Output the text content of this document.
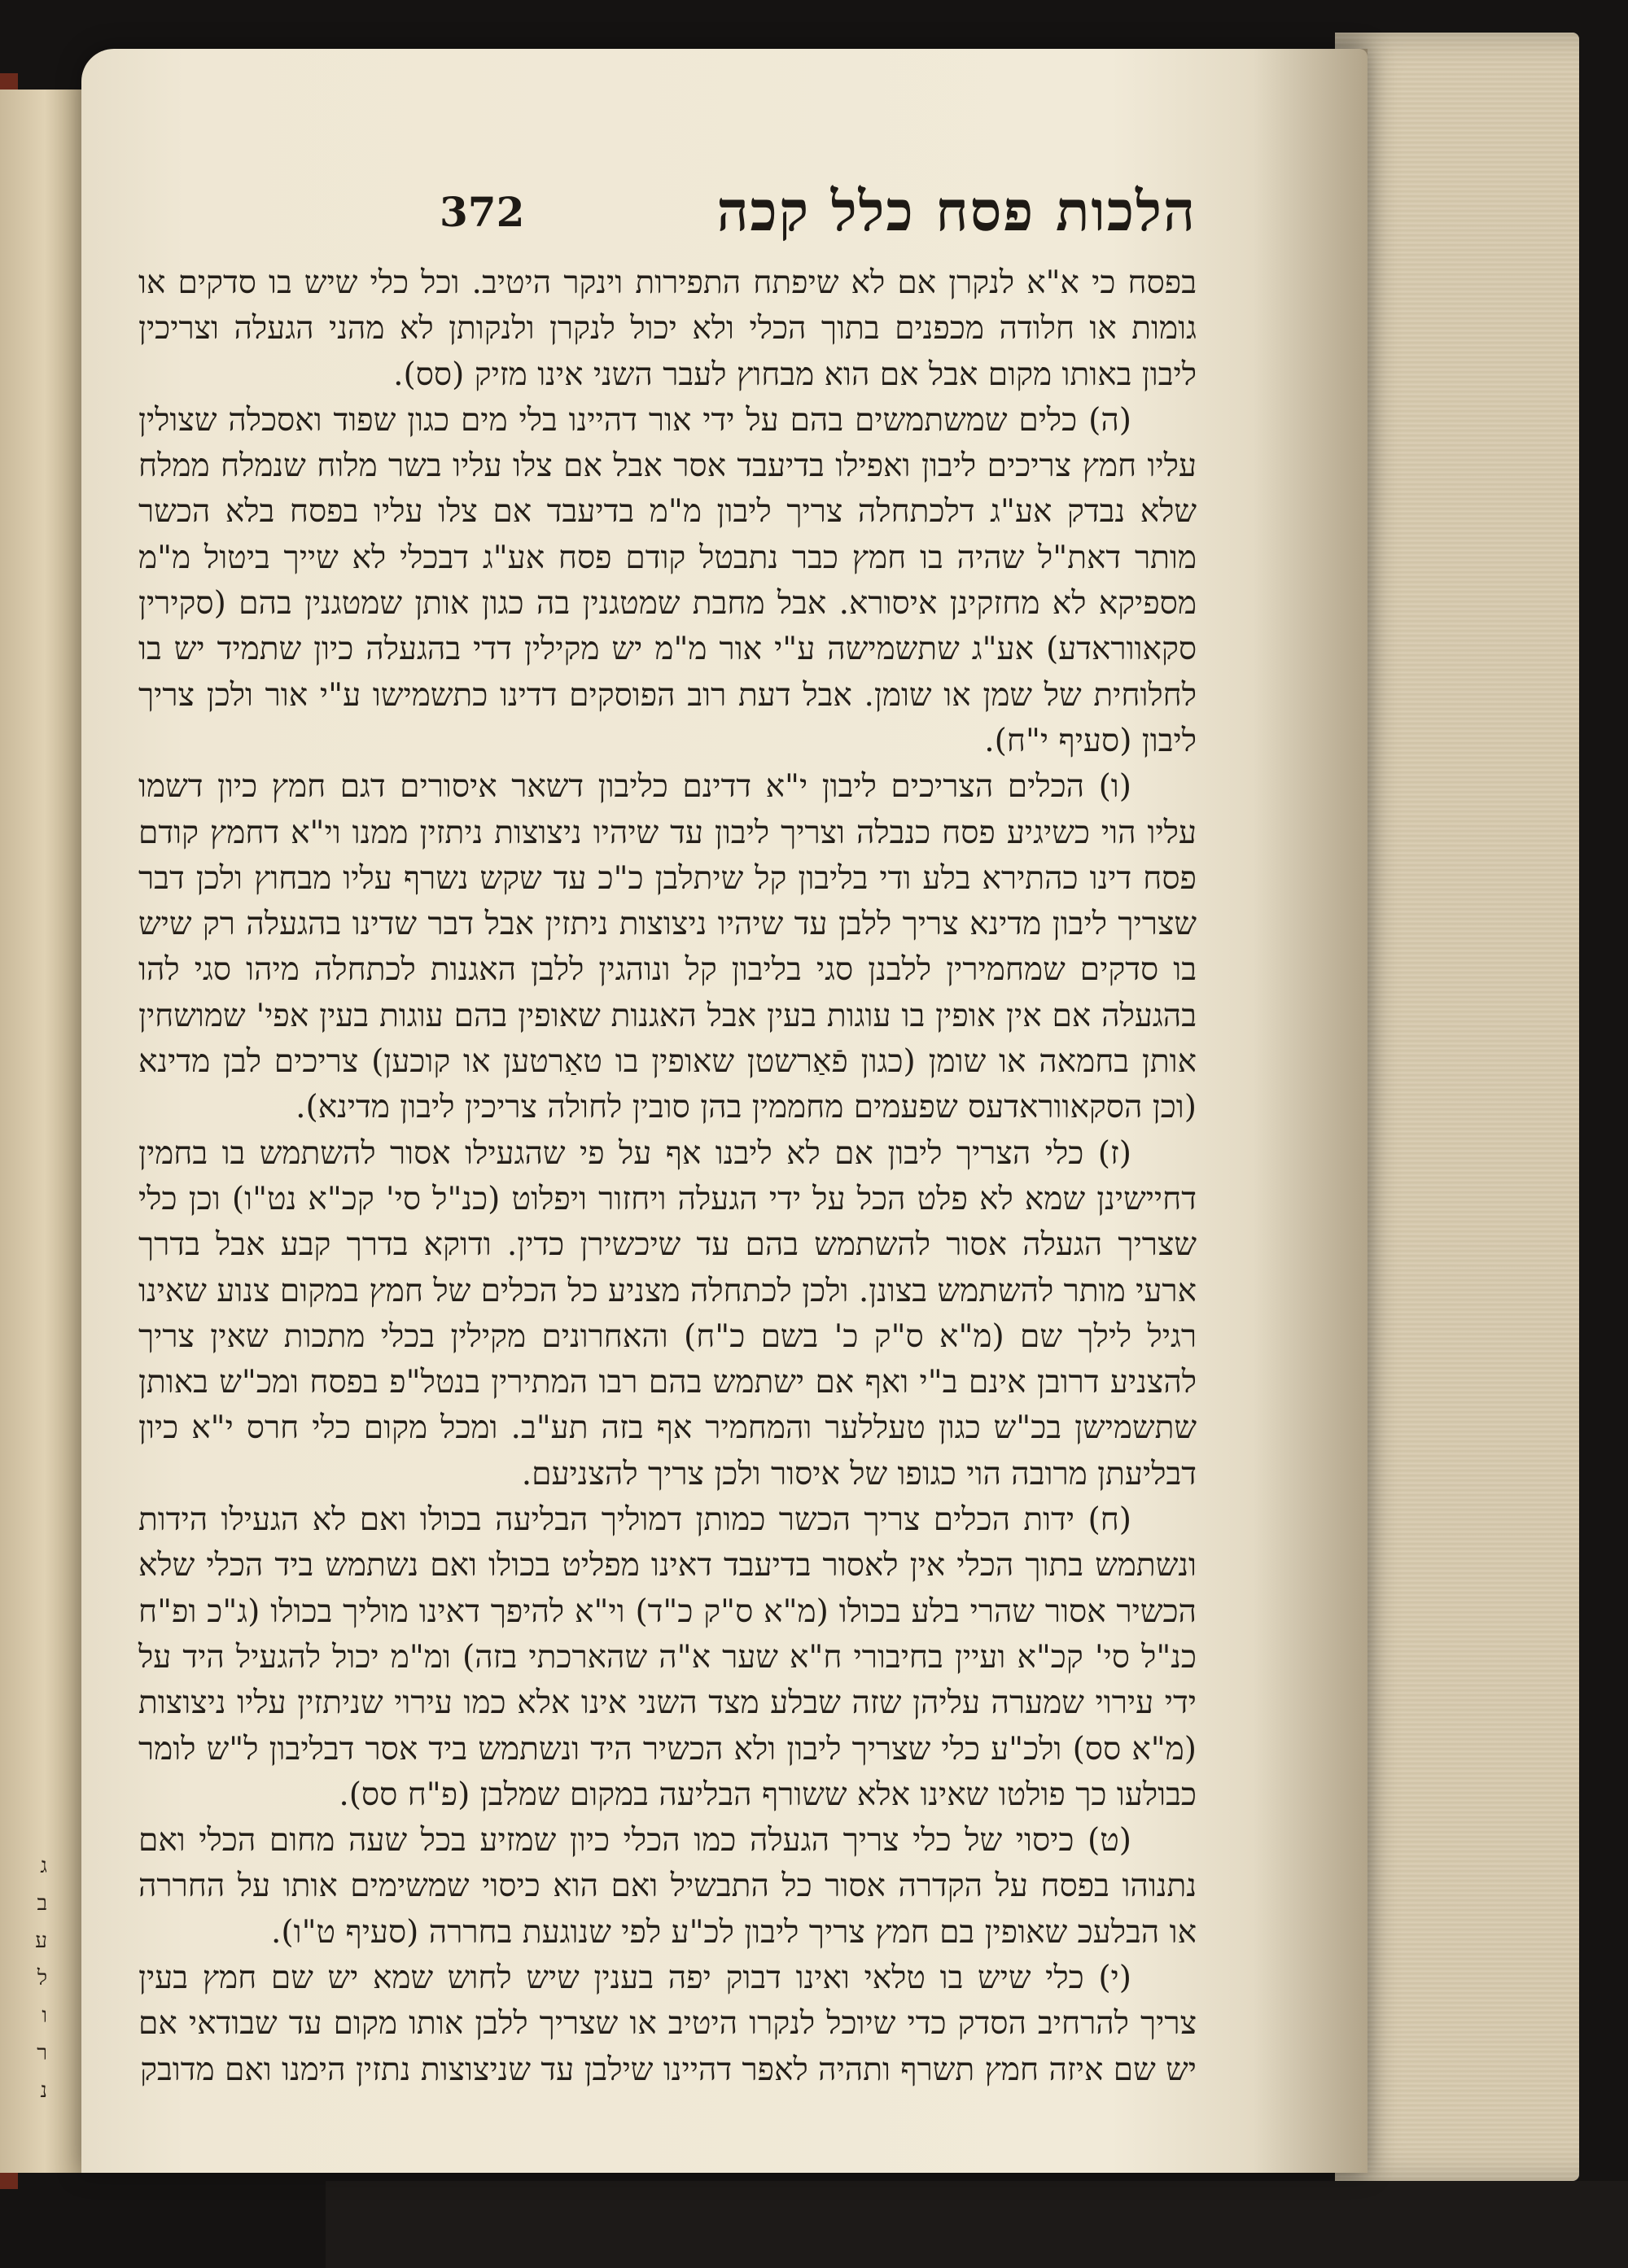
ג
ב
ע
ל
ו
ר
נ
הלכות פסח כלל קכה
372

בפסח כי א"א לנקרן אם לא שיפתח התפירות וינקר היטיב. וכל כלי שיש בו סדקים או גומות או חלודה מכפנים בתוך הכלי ולא יכול לנקרן ולנקותן לא מהני הגעלה וצריכין ליבון באותו מקום אבל אם הוא מבחוץ לעבר השני אינו מזיק (סס).

(ה) כלים שמשתמשים בהם על ידי אור דהיינו בלי מים כגון שפוד ואסכלה שצולין עליו חמץ צריכים ליבון ואפילו בדיעבד אסר אבל אם צלו עליו בשר מלוח שנמלח ממלח שלא נבדק אע"ג דלכתחלה צריך ליבון מ"מ בדיעבד אם צלו עליו בפסח בלא הכשר מותר דאת"ל שהיה בו חמץ כבר נתבטל קודם פסח אע"ג דבכלי לא שייך ביטול מ"מ מספיקא לא מחזקינן איסורא. אבל מחבת שמטגנין בה כגון אותן שמטגנין בהם (סקירין סקאווראדע) אע"ג שתשמישה ע"י אור מ"מ יש מקילין דדי בהגעלה כיון שתמיד יש בו לחלוחית של שמן או שומן. אבל דעת רוב הפוסקים דדינו כתשמישו ע"י אור ולכן צריך ליבון (סעיף י"ח).

(ו) הכלים הצריכים ליבון י"א דדינם כליבון דשאר איסורים דגם חמץ כיון דשמו עליו הוי כשיגיע פסח כנבלה וצריך ליבון עד שיהיו ניצוצות ניתזין ממנו וי"א דחמץ קודם פסח דינו כהתירא בלע ודי בליבון קל שיתלבן כ"כ עד שקש נשרף עליו מבחוץ ולכן דבר שצריך ליבון מדינא צריך ללבן עד שיהיו ניצוצות ניתזין אבל דבר שדינו בהגעלה רק שיש בו סדקים שמחמירין ללבנן סגי בליבון קל ונוהגין ללבן האגנות לכתחלה מיהו סגי להו בהגעלה אם אין אופין בו עוגות בעין אבל האגנות שאופין בהם עוגות בעין אפי' שמושחין אותן בחמאה או שומן (כגון פֿאַרשטן שאופין בו טאַרטען או קוכען) צריכים לבן מדינא (וכן הסקאווראדעס שפעמים מחממין בהן סובין לחולה צריכין ליבון מדינא).

(ז) כלי הצריך ליבון אם לא ליבנו אף על פי שהגעילו אסור להשתמש בו בחמין דחיישינן שמא לא פלט הכל על ידי הגעלה ויחזור ויפלוט (כנ"ל סי' קכ"א נט"ו) וכן כלי שצריך הגעלה אסור להשתמש בהם עד שיכשירן כדין. ודוקא בדרך קבע אבל בדרך ארעי מותר להשתמש בצונן. ולכן לכתחלה מצניע כל הכלים של חמץ במקום צנוע שאינו רגיל לילך שם (מ"א ס"ק כ' בשם כ"ח) והאחרונים מקילין בכלי מתכות שאין צריך להצניע דרובן אינם ב"י ואף אם ישתמש בהם רבו המתירין בנטל"פ בפסח ומכ"ש באותן שתשמישן בכ"ש כגון טעללער והמחמיר אף בזה תע"ב. ומכל מקום כלי חרס י"א כיון דבליעתן מרובה הוי כגופו של איסור ולכן צריך להצניעם.

(ח) ידות הכלים צריך הכשר כמותן דמוליך הבליעה בכולו ואם לא הגעילו הידות ונשתמש בתוך הכלי אין לאסור בדיעבד דאינו מפליט בכולו ואם נשתמש ביד הכלי שלא הכשיר אסור שהרי בלע בכולו (מ"א ס"ק כ"ד) וי"א להיפך דאינו מוליך בכולו (ג"כ ופ"ח כנ"ל סי' קכ"א ועיין בחיבורי ח"א שער א"ה שהארכתי בזה) ומ"מ יכול להגעיל היד על ידי עירוי שמערה עליהן שזה שבלע מצד השני אינו אלא כמו עירוי שניתזין עליו ניצוצות (מ"א סס) ולכ"ע כלי שצריך ליבון ולא הכשיר היד ונשתמש ביד אסר דבליבון ל"ש לומר כבולעו כך פולטו שאינו אלא ששורף הבליעה במקום שמלבן (פ"ח סס).

(ט) כיסוי של כלי צריך הגעלה כמו הכלי כיון שמזיע בכל שעה מחום הכלי ואם נתנוהו בפסח על הקדרה אסור כל התבשיל ואם הוא כיסוי שמשימים אותו על החררה או הבלעכ שאופין בם חמץ צריך ליבון לכ"ע לפי שנוגעת בחררה (סעיף ט"ו).

(י) כלי שיש בו טלאי ואינו דבוק יפה בענין שיש לחוש שמא יש שם חמץ בעין צריך להרחיב הסדק כדי שיוכל לנקרו היטיב או שצריך ללבן אותו מקום עד שבודאי אם יש שם איזה חמץ תשרף ותהיה לאפר דהיינו שילבן עד שניצוצות נתזין הימנו ואם מדובק
